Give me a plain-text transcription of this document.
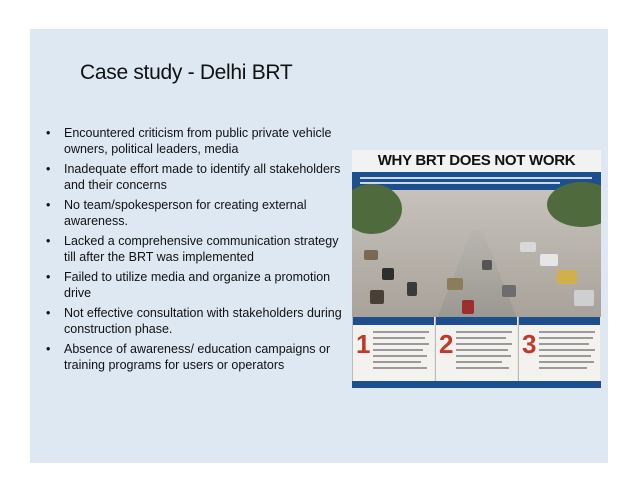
Case study - Delhi BRT
• Encountered criticism from public private vehicle owners, political leaders, media
• Inadequate effort made to identify all stakeholders and their concerns
• No team/spokesperson for creating external awareness.
• Lacked a comprehensive communication strategy till after the BRT was implemented
• Failed to utilize media and organize a promotion drive
• Not effective consultation with stakeholders during construction phase.
• Absence of awareness/ education campaigns or training programs for users or operators
WHY BRT DOES NOT WORK
1	2	3
